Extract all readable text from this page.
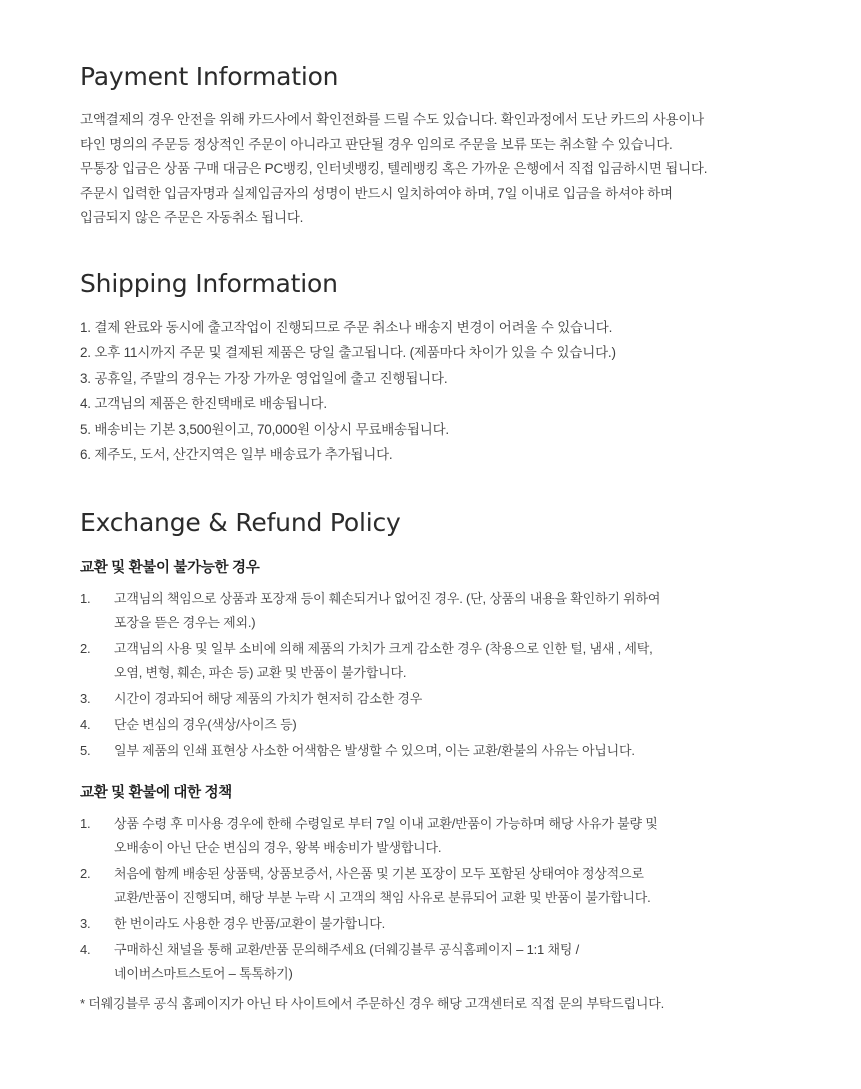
Payment Information
고액결제의 경우 안전을 위해 카드사에서 확인전화를 드릴 수도 있습니다. 확인과정에서 도난 카드의 사용이나
타인 명의의 주문등 정상적인 주문이 아니라고 판단될 경우 임의로 주문을 보류 또는 취소할 수 있습니다.
무통장 입금은 상품 구매 대금은 PC뱅킹, 인터넷뱅킹, 텔레뱅킹 혹은 가까운 은행에서 직접 입금하시면 됩니다.
주문시 입력한 입금자명과 실제입금자의 성명이 반드시 일치하여야 하며, 7일 이내로 입금을 하셔야 하며
입금되지 않은 주문은 자동취소 됩니다.
Shipping Information
1. 결제 완료와 동시에 출고작업이 진행되므로 주문 취소나 배송지 변경이 어려울 수 있습니다.
2. 오후 11시까지 주문 및 결제된 제품은 당일 출고됩니다. (제품마다 차이가 있을 수 있습니다.)
3. 공휴일, 주말의 경우는 가장 가까운 영업일에 출고 진행됩니다.
4. 고객님의 제품은 한진택배로 배송됩니다.
5. 배송비는 기본 3,500원이고, 70,000원 이상시 무료배송됩니다.
6. 제주도, 도서, 산간지역은 일부 배송료가 추가됩니다.
Exchange & Refund Policy
교환 및 환불이 불가능한 경우
1.	고객님의 책임으로 상품과 포장재 등이 훼손되거나 없어진 경우. (단, 상품의 내용을 확인하기 위하여
포장을 뜯은 경우는 제외.)
2.	고객님의 사용 및 일부 소비에 의해 제품의 가치가 크게 감소한 경우 (착용으로 인한 털, 냄새 , 세탁,
오염, 변형, 훼손, 파손 등) 교환 및 반품이 불가합니다.
3.	시간이 경과되어 해당 제품의 가치가 현저히 감소한 경우
4.	단순 변심의 경우(색상/사이즈 등)
5.	일부 제품의 인쇄 표현상 사소한 어색함은 발생할 수 있으며, 이는 교환/환불의 사유는 아닙니다.
교환 및 환불에 대한 정책
1.	상품 수령 후 미사용 경우에 한해 수령일로 부터 7일 이내 교환/반품이 가능하며 해당 사유가 불량 및
오배송이 아닌 단순 변심의 경우, 왕복 배송비가 발생합니다.
2.	처음에 함께 배송된 상품택, 상품보증서, 사은품 및 기본 포장이 모두 포함된 상태여야 정상적으로
교환/반품이 진행되며, 해당 부분 누락 시 고객의 책임 사유로 분류되어 교환 및 반품이 불가합니다.
3.	한 번이라도 사용한 경우 반품/교환이 불가합니다.
4.	구매하신 채널을 통해 교환/반품 문의해주세요 (더웨깅블루 공식홈페이지 – 1:1 채팅 /
네이버스마트스토어 – 톡톡하기)
* 더웨깅블루 공식 홈페이지가 아닌 타 사이트에서 주문하신 경우 해당 고객센터로 직접 문의 부탁드립니다.
